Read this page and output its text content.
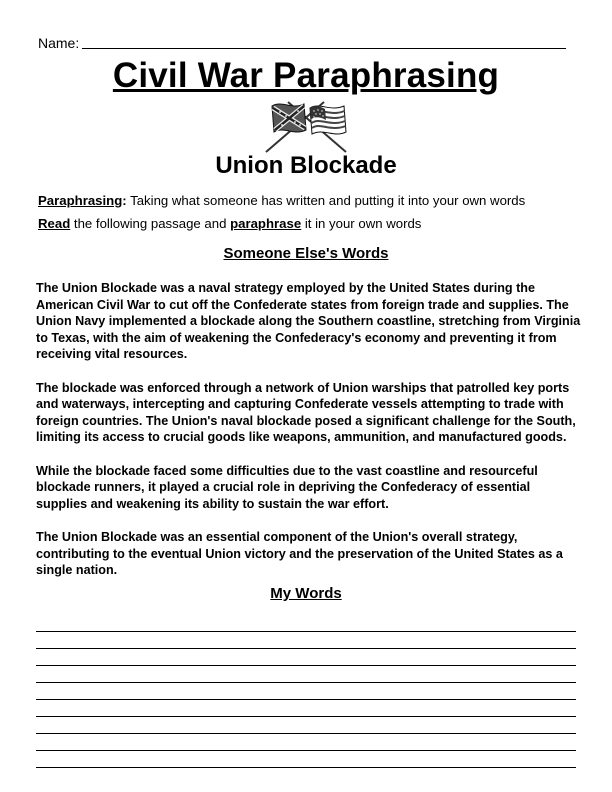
Name:
Civil War Paraphrasing
Union Blockade
Paraphrasing: Taking what someone has written and putting it into your own words
Read the following passage and paraphrase it in your own words
Someone Else's Words

The Union Blockade was a naval strategy employed by the United States during the American Civil War to cut off the Confederate states from foreign trade and supplies. The Union Navy implemented a blockade along the Southern coastline, stretching from Virginia to Texas, with the aim of weakening the Confederacy's economy and preventing it from receiving vital resources.

The blockade was enforced through a network of Union warships that patrolled key ports and waterways, intercepting and capturing Confederate vessels attempting to trade with foreign countries. The Union's naval blockade posed a significant challenge for the South, limiting its access to crucial goods like weapons, ammunition, and manufactured goods.

While the blockade faced some difficulties due to the vast coastline and resourceful blockade runners, it played a crucial role in depriving the Confederacy of essential supplies and weakening its ability to sustain the war effort.

The Union Blockade was an essential component of the Union's overall strategy, contributing to the eventual Union victory and the preservation of the United States as a single nation.

My Words
